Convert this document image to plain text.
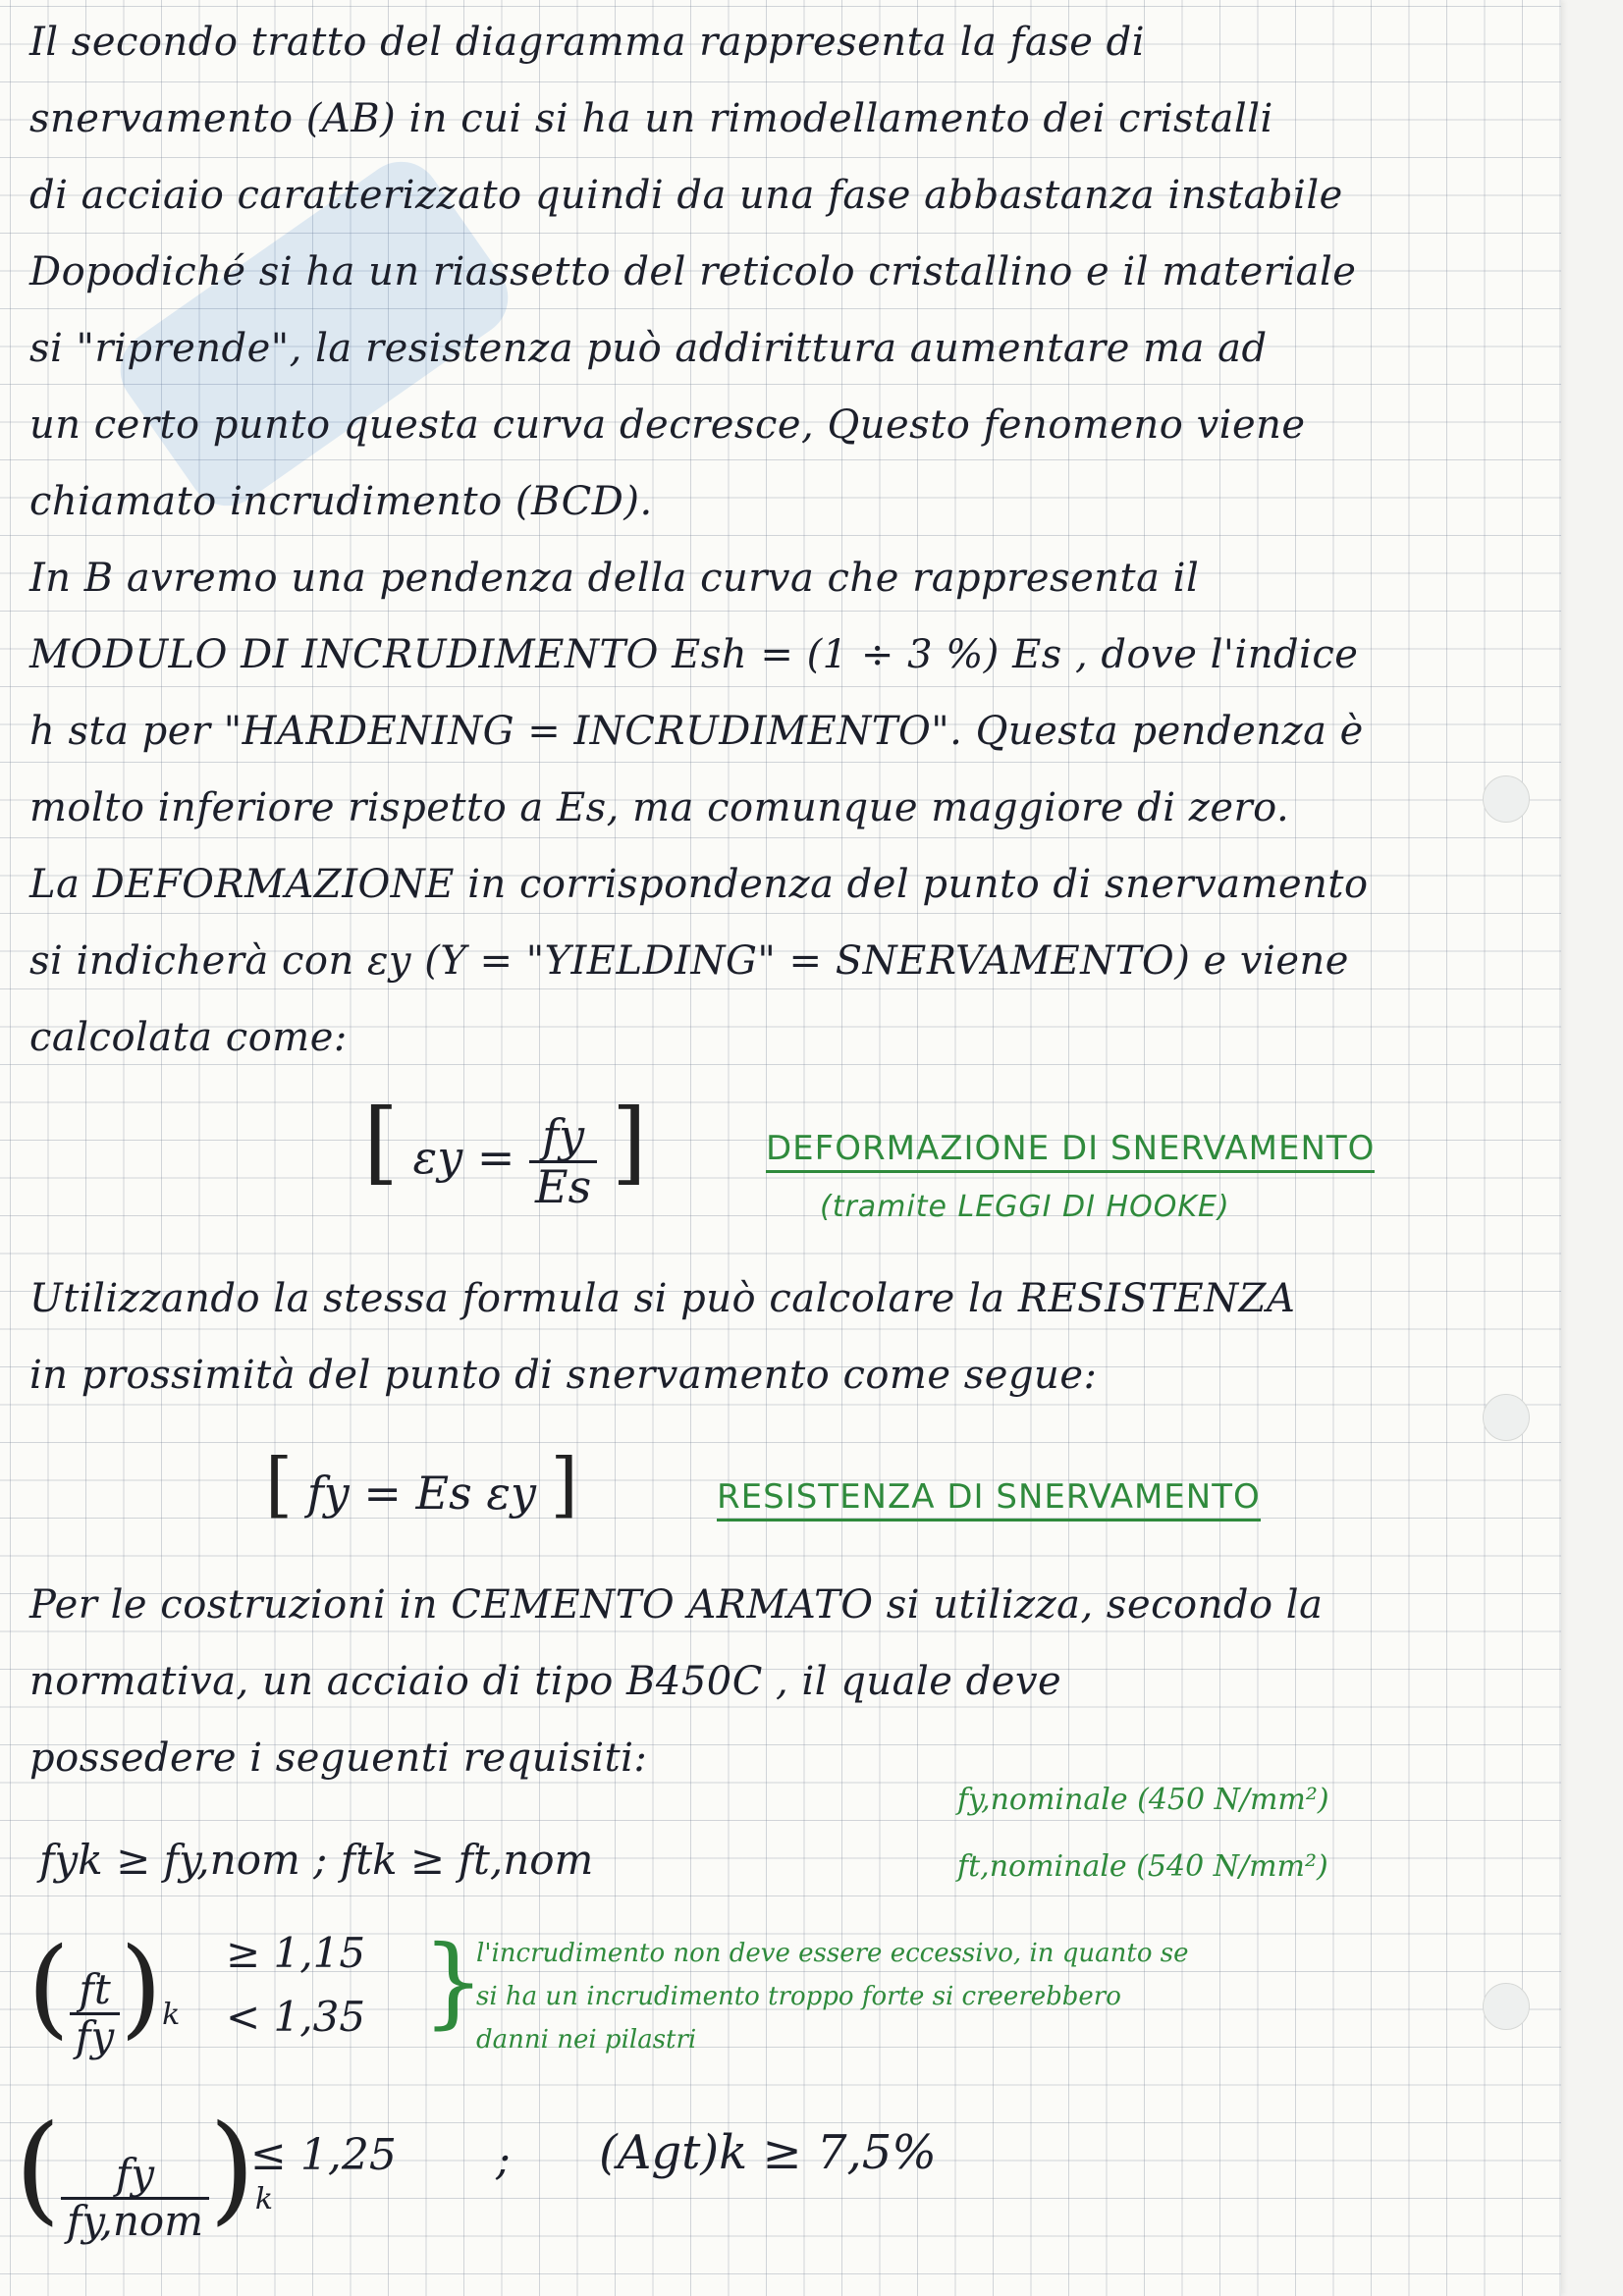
Il secondo tratto del diagramma rappresenta la fase di
snervamento (AB) in cui si ha un rimodellamento dei cristalli
di acciaio caratterizzato quindi da una fase abbastanza instabile
Dopodiché si ha un riassetto del reticolo cristallino e il materiale
si "riprende", la resistenza può addirittura aumentare ma ad
un certo punto questa curva decresce, Questo fenomeno viene
chiamato incrudimento (BCD).
In B avremo una pendenza della curva che rappresenta il
MODULO DI INCRUDIMENTO Esh = (1 ÷ 3 %) Es , dove l'indice
h sta per "HARDENING = INCRUDIMENTO". Questa pendenza è
molto inferiore rispetto a Es, ma comunque maggiore di zero.
La DEFORMAZIONE in corrispondenza del punto di snervamento
si indicherà con εy (Y = "YIELDING" = SNERVAMENTO) e viene
calcolata come:
[ $\varepsilon y = \frac{fy}{Es}$ ]	DEFORMAZIONE DI SNERVAMENTO
(tramite LEGGI DI HOOKE)
Utilizzando la stessa formula si può calcolare la RESISTENZA
in prossimità del punto di snervamento come segue:
[ fy = Es εy ]	RESISTENZA DI SNERVAMENTO
Per le costruzioni in CEMENTO ARMATO si utilizza, secondo la
normativa, un acciaio di tipo B450C , il quale deve
possedere i seguenti requisiti:
fyk ≥ fy,nom ; ftk ≥ ft,nom
fy,nominale (450 N/mm²)
ft,nominale (540 N/mm²)
( $\frac{ft}{fy} )k$
≥ 1,15
< 1,35 }
l'incrudimento non deve essere eccessivo, in quanto se
si ha un incrudimento troppo forte si creerebbero
danni nei pilastri
( $\frac{fy}{\text{fy,nom}} )k$
≤ 1,25 ; (Agt)k ≥ 7,5%
